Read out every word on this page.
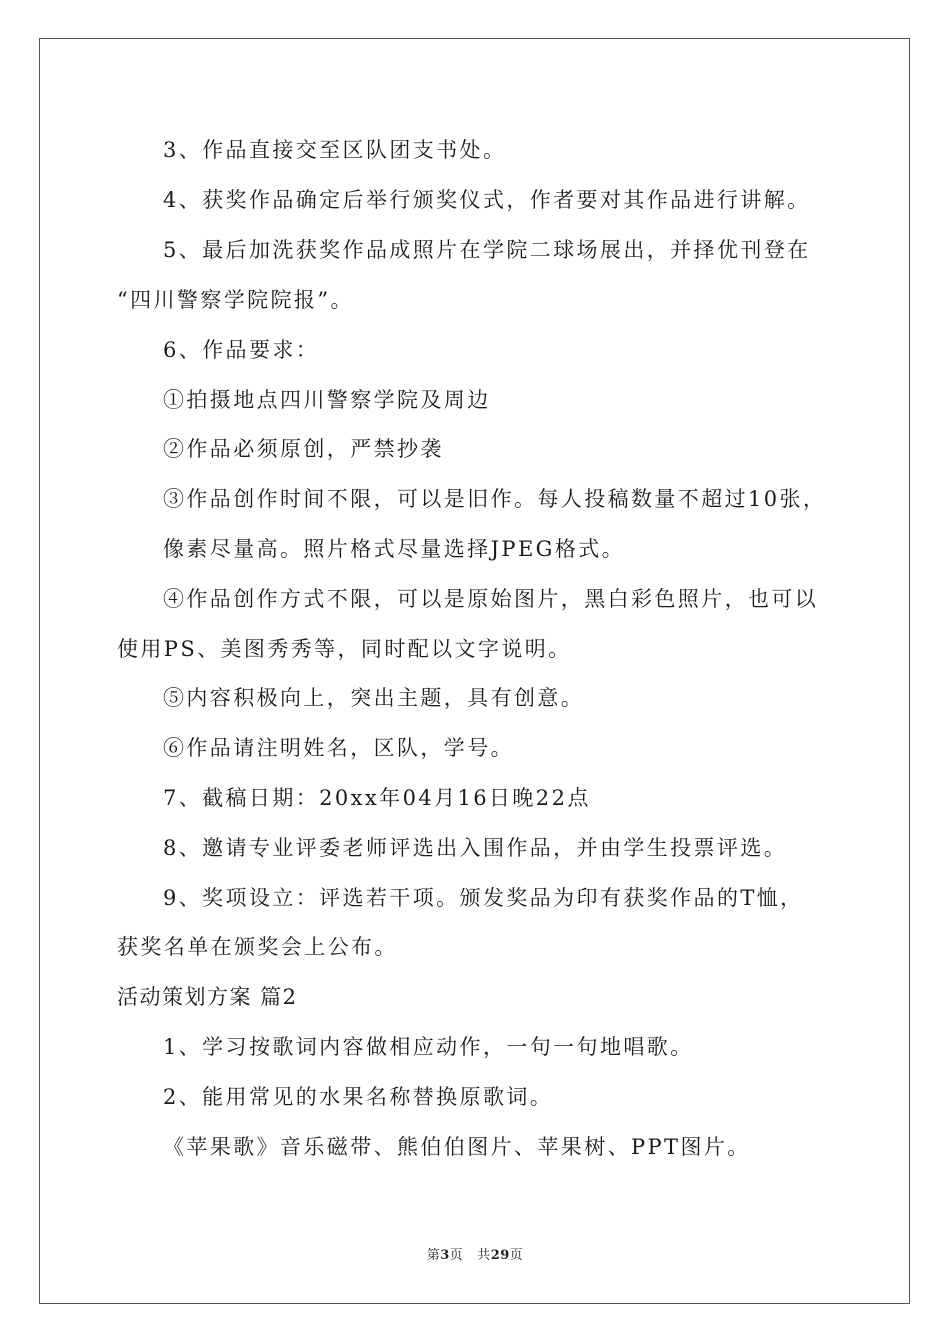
3、作品直接交至区队团支书处。
4、获奖作品确定后举行颁奖仪式，作者要对其作品进行讲解。
5、最后加洗获奖作品成照片在学院二球场展出，并择优刊登在
“四川警察学院院报”。
6、作品要求：
①拍摄地点四川警察学院及周边
②作品必须原创，严禁抄袭
③作品创作时间不限，可以是旧作。每人投稿数量不超过10张，
像素尽量高。照片格式尽量选择JPEG格式。
④作品创作方式不限，可以是原始图片，黑白彩色照片，也可以
使用PS、美图秀秀等，同时配以文字说明。
⑤内容积极向上，突出主题，具有创意。
⑥作品请注明姓名，区队，学号。
7、截稿日期：20xx年04月16日晚22点
8、邀请专业评委老师评选出入围作品，并由学生投票评选。
9、奖项设立：评选若干项。颁发奖品为印有获奖作品的T恤，
获奖名单在颁奖会上公布。
活动策划方案 篇2
1、学习按歌词内容做相应动作，一句一句地唱歌。
2、能用常见的水果名称替换原歌词。
《苹果歌》音乐磁带、熊伯伯图片、苹果树、PPT图片。
第3页 共29页
